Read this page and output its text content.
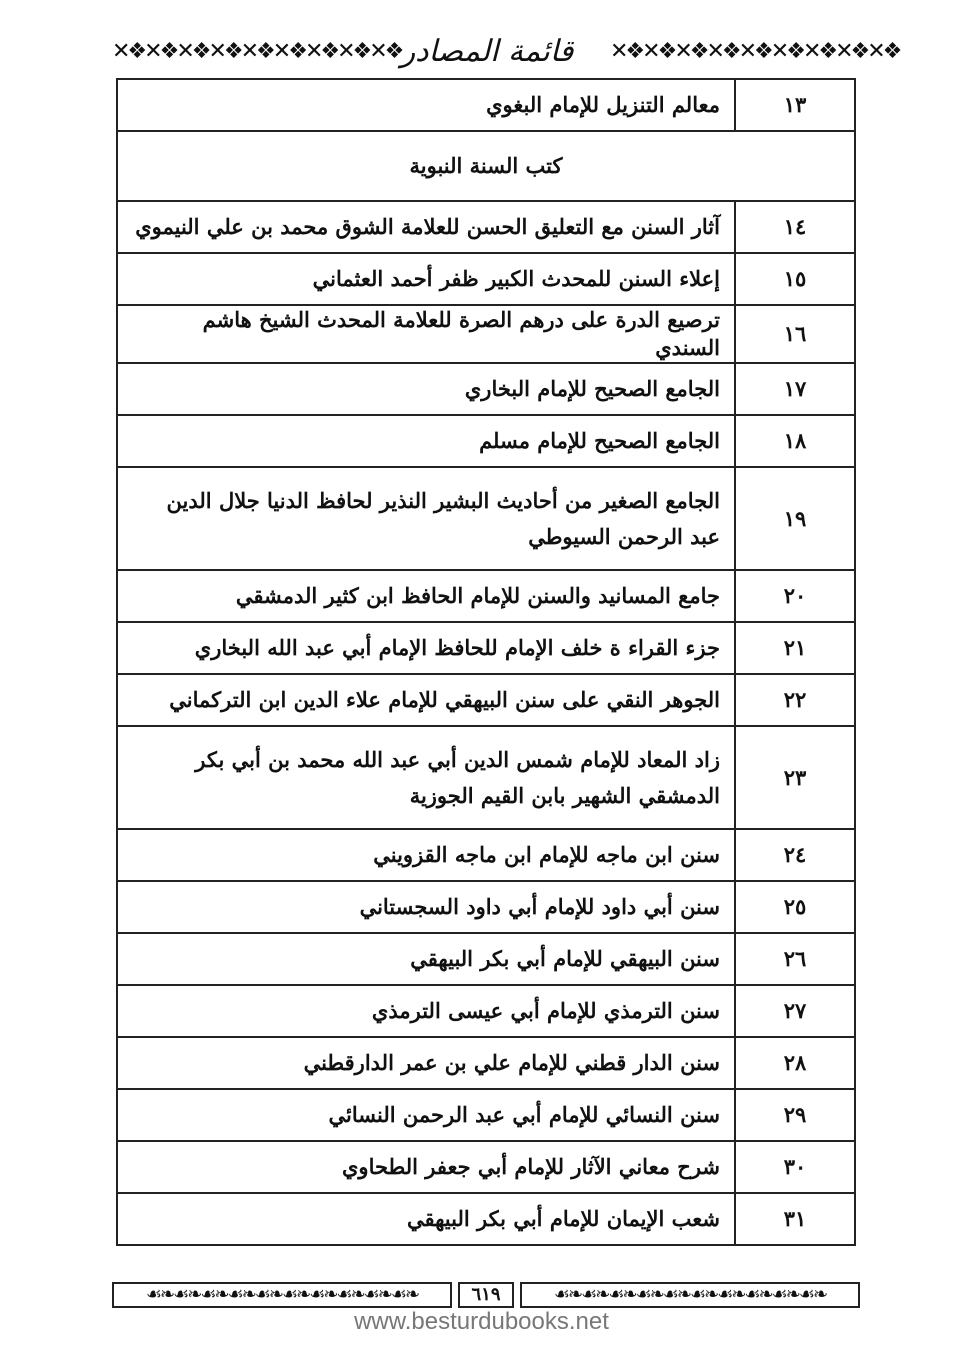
✕❖✕❖✕❖✕❖✕❖✕❖✕❖✕❖✕❖
قائمة المصادر
✕❖✕❖✕❖✕❖✕❖✕❖✕❖✕❖✕❖
١٣	معالم التنزيل للإمام البغوي
كتب السنة النبوية	
١٤	آثار السنن مع التعليق الحسن للعلامة الشوق محمد بن علي النيموي
١٥	إعلاء السنن للمحدث الكبير ظفر أحمد العثماني
١٦	ترصيع الدرة على درهم الصرة للعلامة المحدث الشيخ هاشم السندي
١٧	الجامع الصحيح للإمام البخاري
١٨	الجامع الصحيح للإمام مسلم
١٩	الجامع الصغير من أحاديث البشير النذير لحافظ الدنيا جلال الدين عبد الرحمن السيوطي
٢٠	جامع المسانيد والسنن للإمام الحافظ ابن كثير الدمشقي
٢١	جزء القراء ة خلف الإمام للحافظ الإمام أبي عبد الله البخاري
٢٢	الجوهر النقي على سنن البيهقي للإمام علاء الدين ابن التركماني
٢٣	زاد المعاد للإمام شمس الدين أبي عبد الله محمد بن أبي بكر الدمشقي الشهير بابن القيم الجوزية
٢٤	سنن ابن ماجه للإمام ابن ماجه القزويني
٢٥	سنن أبي داود للإمام أبي داود السجستاني
٢٦	سنن البيهقي للإمام أبي بكر البيهقي
٢٧	سنن الترمذي للإمام أبي عيسى الترمذي
٢٨	سنن الدار قطني للإمام علي بن عمر الدارقطني
٢٩	سنن النسائي للإمام أبي عبد الرحمن النسائي
٣٠	شرح معاني الآثار للإمام أبي جعفر الطحاوي
٣١	شعب الإيمان للإمام أبي بكر البيهقي
☙❧☙❧☙❧☙❧☙❧☙❧☙❧☙❧☙❧☙❧	٦١٩	☙❧☙❧☙❧☙❧☙❧☙❧☙❧☙❧☙❧☙❧
www.besturdubooks.net
